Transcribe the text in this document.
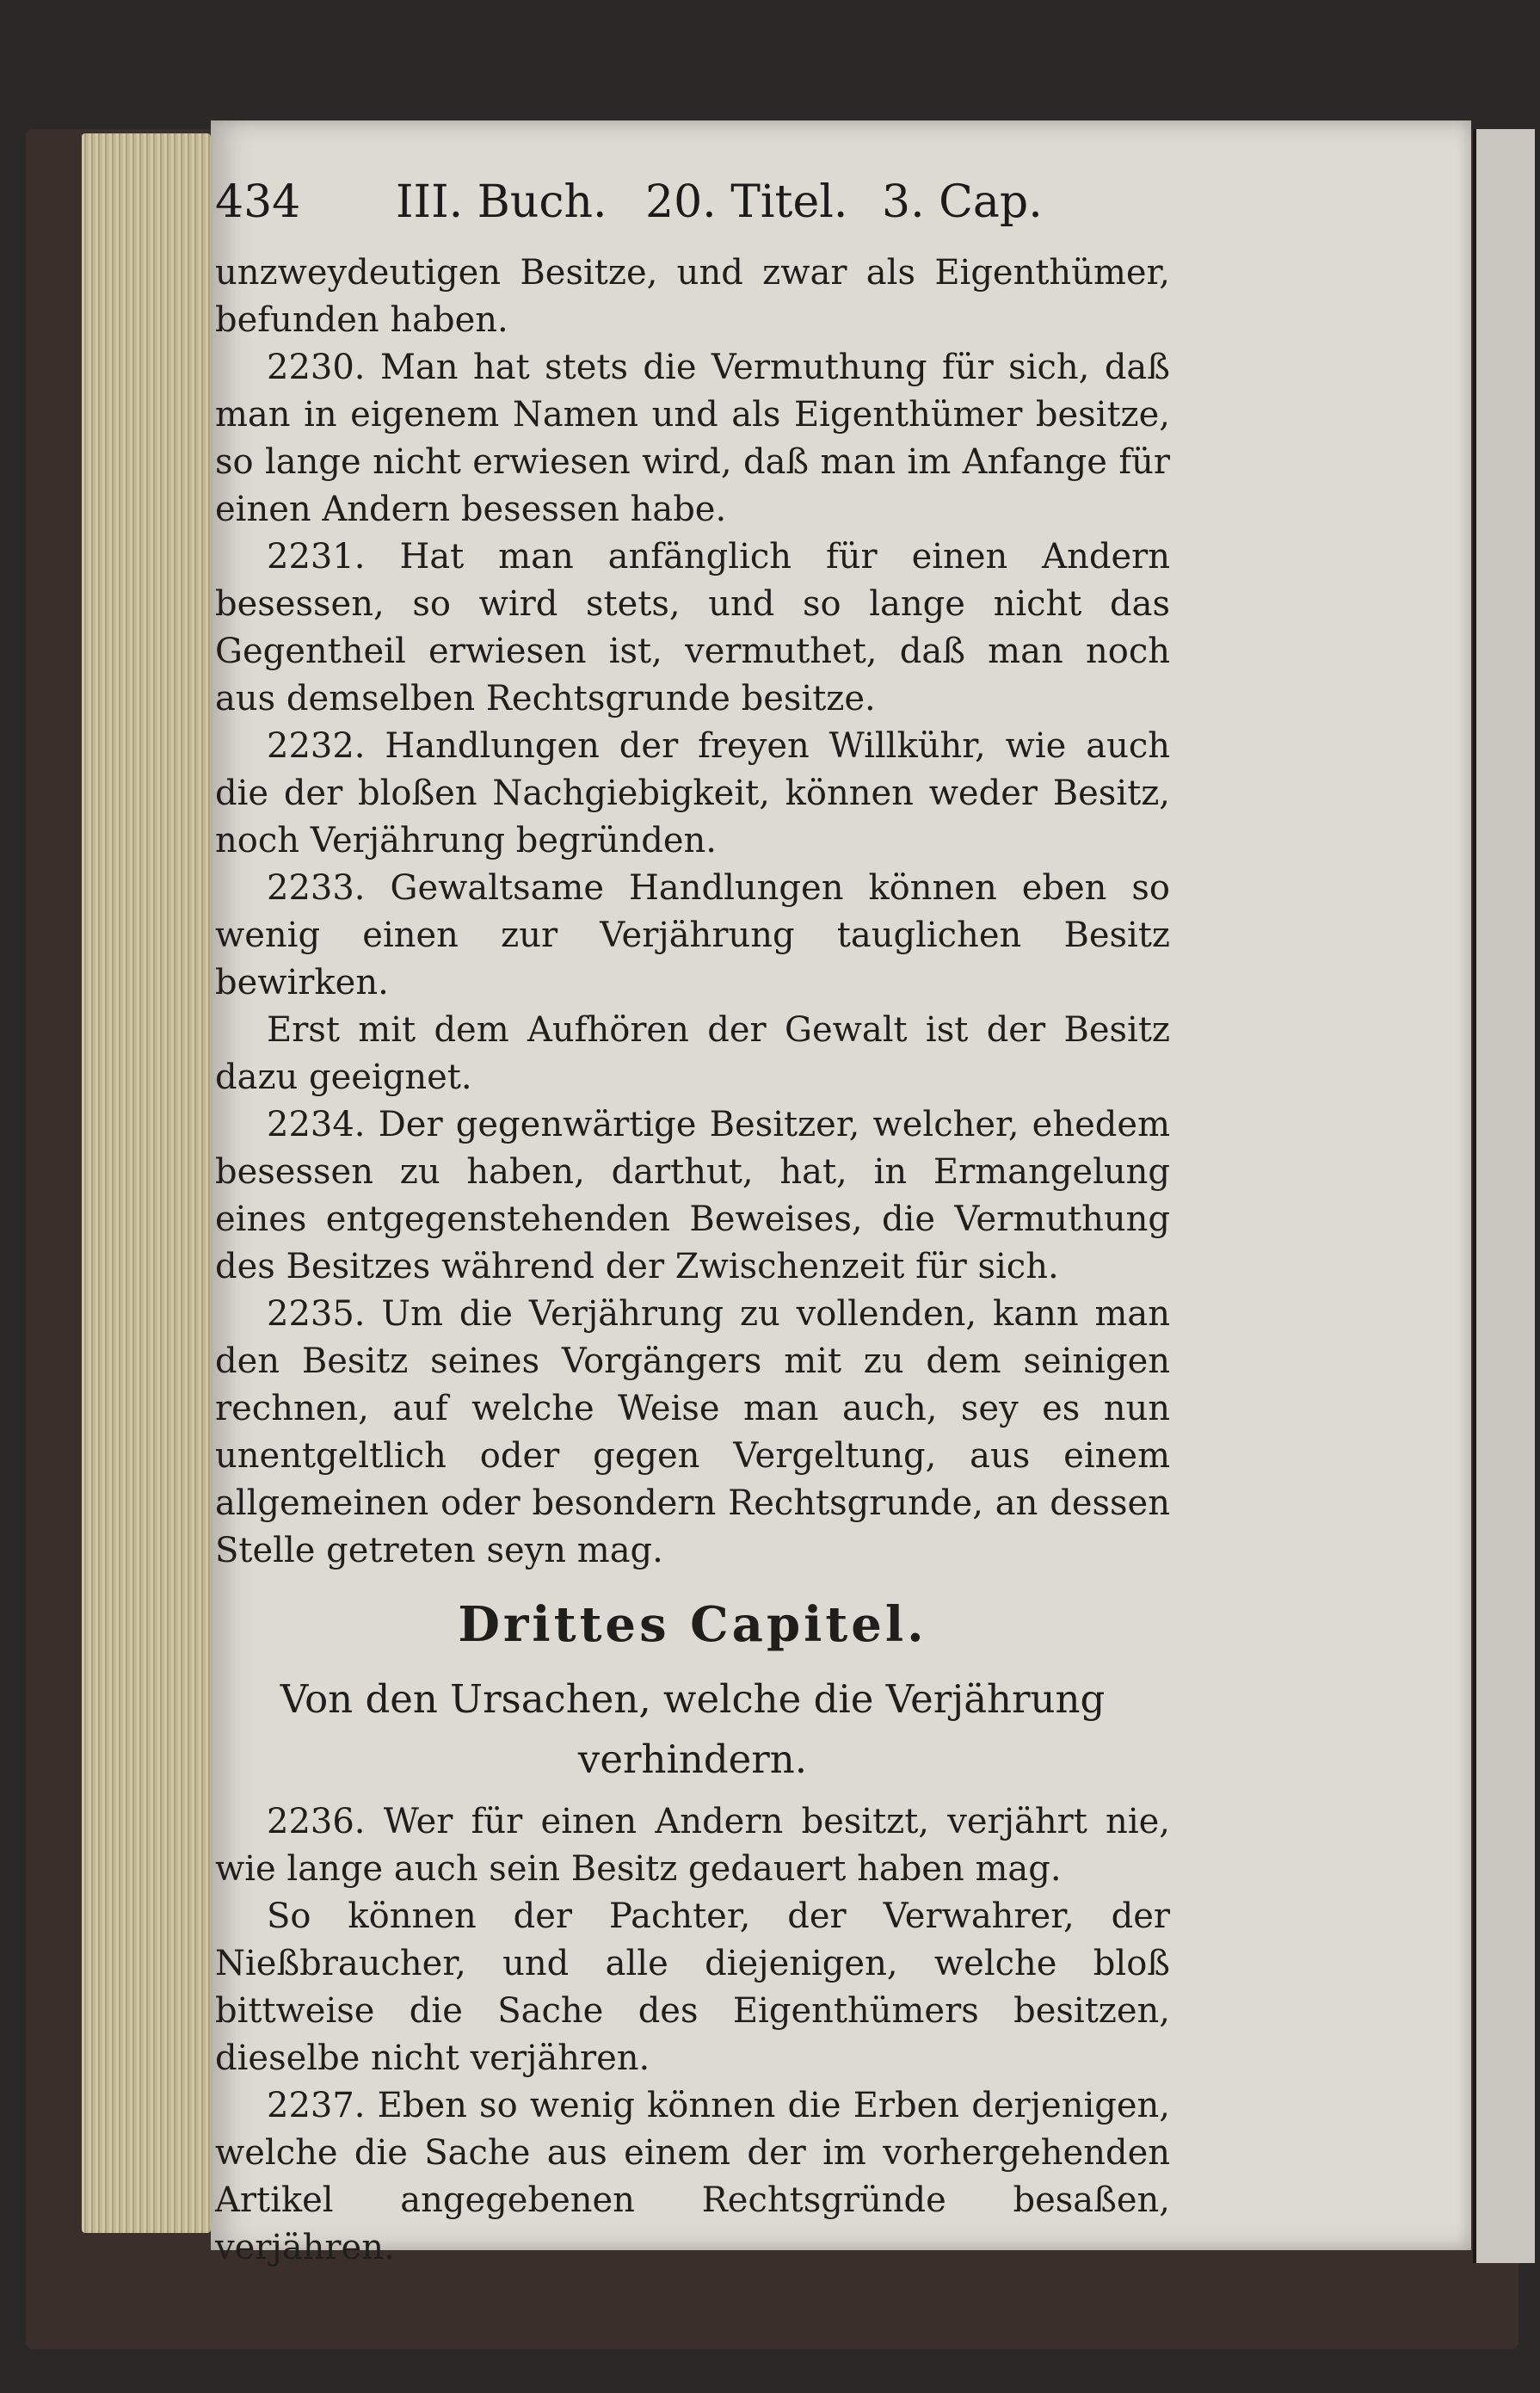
434 III. Buch. 20. Titel. 3. Cap.

unzweydeutigen Besitze, und zwar als Eigenthümer, befunden haben.

2230. Man hat stets die Vermuthung für sich, daß man in eigenem Namen und als Eigenthümer besitze, so lange nicht erwiesen wird, daß man im Anfange für einen Andern besessen habe.

2231. Hat man anfänglich für einen Andern besessen, so wird stets, und so lange nicht das Gegentheil erwiesen ist, vermuthet, daß man noch aus demselben Rechtsgrunde besitze.

2232. Handlungen der freyen Willkühr, wie auch die der bloßen Nachgiebigkeit, können weder Besitz, noch Verjährung begründen.

2233. Gewaltsame Handlungen können eben so wenig einen zur Verjährung tauglichen Besitz bewirken.

Erst mit dem Aufhören der Gewalt ist der Besitz dazu geeignet.

2234. Der gegenwärtige Besitzer, welcher, ehedem besessen zu haben, darthut, hat, in Ermangelung eines entgegenstehenden Beweises, die Vermuthung des Besitzes während der Zwischenzeit für sich.

2235. Um die Verjährung zu vollenden, kann man den Besitz seines Vorgängers mit zu dem seinigen rechnen, auf welche Weise man auch, sey es nun unentgeltlich oder gegen Vergeltung, aus einem allgemeinen oder besondern Rechtsgrunde, an dessen Stelle getreten seyn mag.

Drittes Capitel.
Von den Ursachen, welche die Verjährung verhindern.

2236. Wer für einen Andern besitzt, verjährt nie, wie lange auch sein Besitz gedauert haben mag.

So können der Pachter, der Verwahrer, der Nießbraucher, und alle diejenigen, welche bloß bittweise die Sache des Eigenthümers besitzen, dieselbe nicht verjähren.

2237. Eben so wenig können die Erben derjenigen, welche die Sache aus einem der im vorhergehenden Artikel angegebenen Rechtsgründe besaßen, verjähren.
